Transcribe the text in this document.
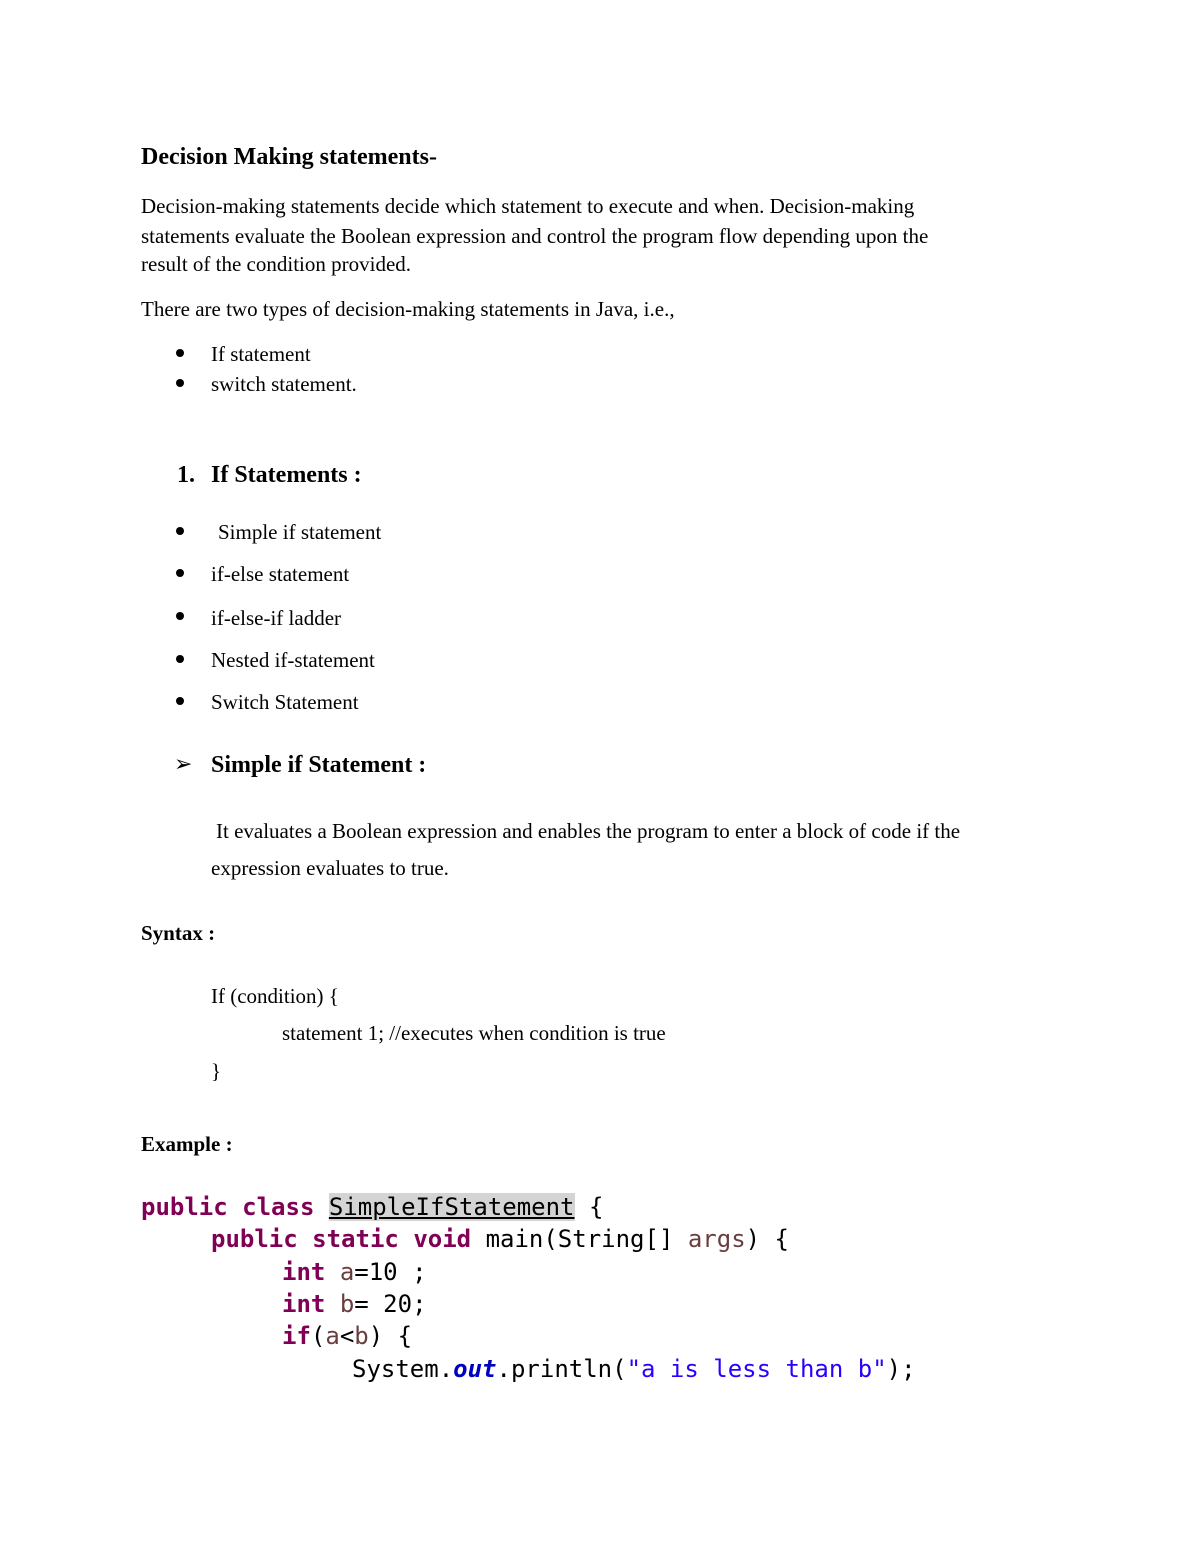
Decision Making statements-
Decision-making statements decide which statement to execute and when. Decision-making
statements evaluate the Boolean expression and control the program flow depending upon the
result of the condition provided.
There are two types of decision-making statements in Java, i.e.,
If statement
switch statement.
1. If Statements :
Simple if statement
if-else statement
if-else-if ladder
Nested if-statement
Switch Statement
➢ Simple if Statement :
It evaluates a Boolean expression and enables the program to enter a block of code if the
expression evaluates to true.
Syntax :
If (condition) {
statement 1; //executes when condition is true
}
Example :
public class SimpleIfStatement {
public static void main(String[] args) {
int a=10 ;
int b= 20;
if(a<b) {
System.out.println("a is less than b");
